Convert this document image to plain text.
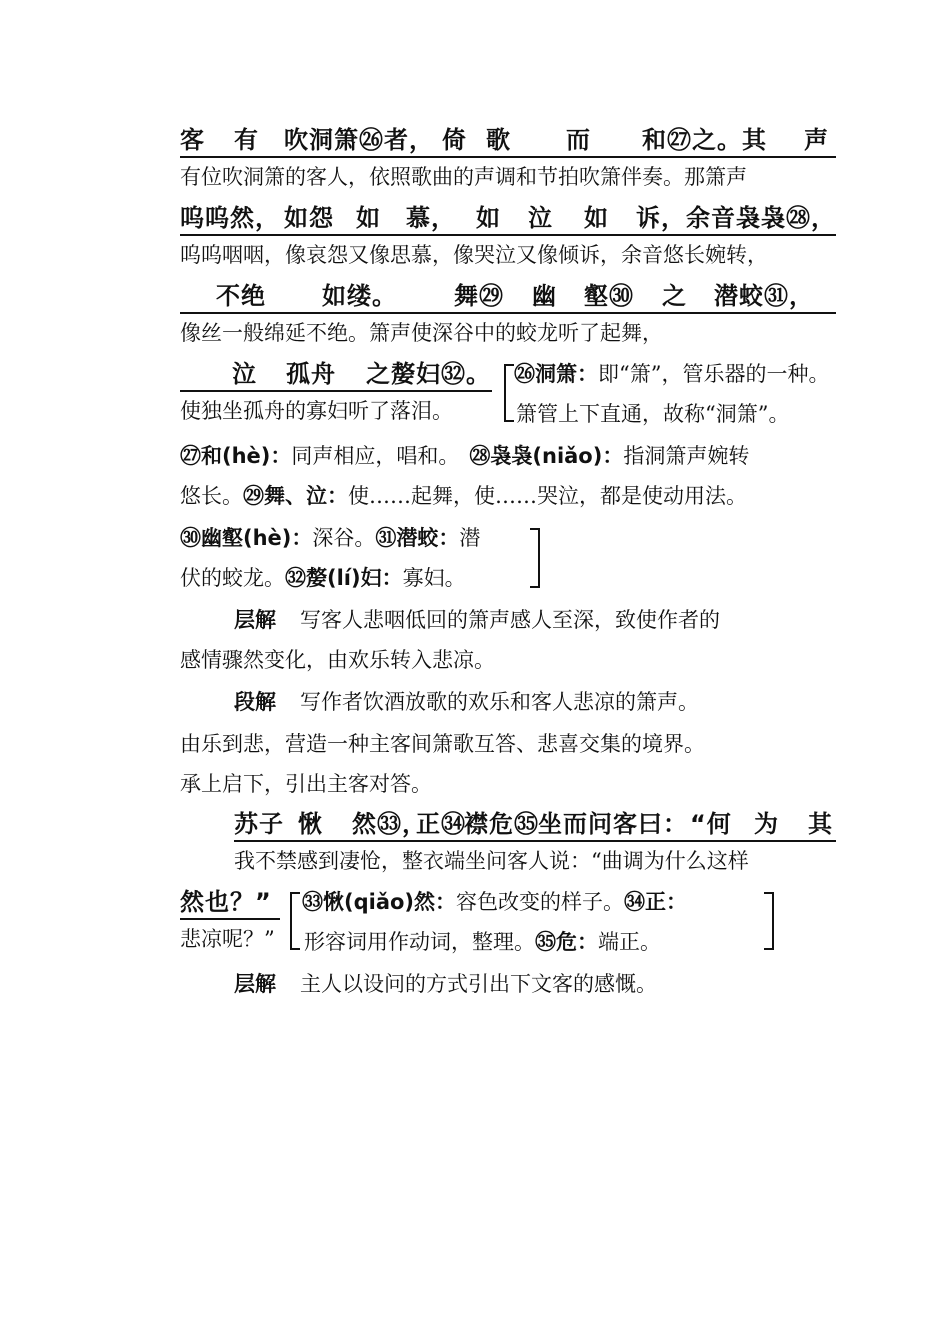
客 有 吹洞箫㉖者， 倚 歌 而 和㉗之。 其 声
有位吹洞箫的客人，依照歌曲的声调和节拍吹箫伴奏。那箫声
呜呜然， 如怨 如 慕， 如 泣 如 诉， 余音袅袅㉘，
呜呜咽咽，像哀怨又像思慕，像哭泣又像倾诉，余音悠长婉转，
不绝 如缕。 舞㉙ 幽 壑㉚ 之 潜蛟㉛，
像丝一般绵延不绝。箫声使深谷中的蛟龙听了起舞，
泣 孤舟 之嫠妇㉜。
使独坐孤舟的寡妇听了落泪。
㉖洞箫：即“箫”，管乐器的一种。
箫管上下直通，故称“洞箫”。
㉗和(hè)：同声相应，唱和。 ㉘袅袅(niǎo)：指洞箫声婉转
悠长。㉙舞、泣：使……起舞，使……哭泣，都是使动用法。
㉚幽壑(hè)：深谷。㉛潜蛟：潜
伏的蛟龙。㉜嫠(lí)妇：寡妇。
层解 写客人悲咽低回的箫声感人至深，致使作者的
感情骤然变化，由欢乐转入悲凉。
段解 写作者饮酒放歌的欢乐和客人悲凉的箫声。
由乐到悲，营造一种主客间箫歌互答、悲喜交集的境界。
承上启下，引出主客对答。
苏子 愀 然㉝，
正㉞
襟危㉟ 坐而问客曰： “何 为 其
我不禁感到凄怆，整衣端坐问客人说：“曲调为什么这样
然也？”
悲凉呢？”
㉝愀(qiǎo)然：容色改变的样子。㉞正：
形容词用作动词，整理。㉟危：端正。
层解 主人以设问的方式引出下文客的感慨。
